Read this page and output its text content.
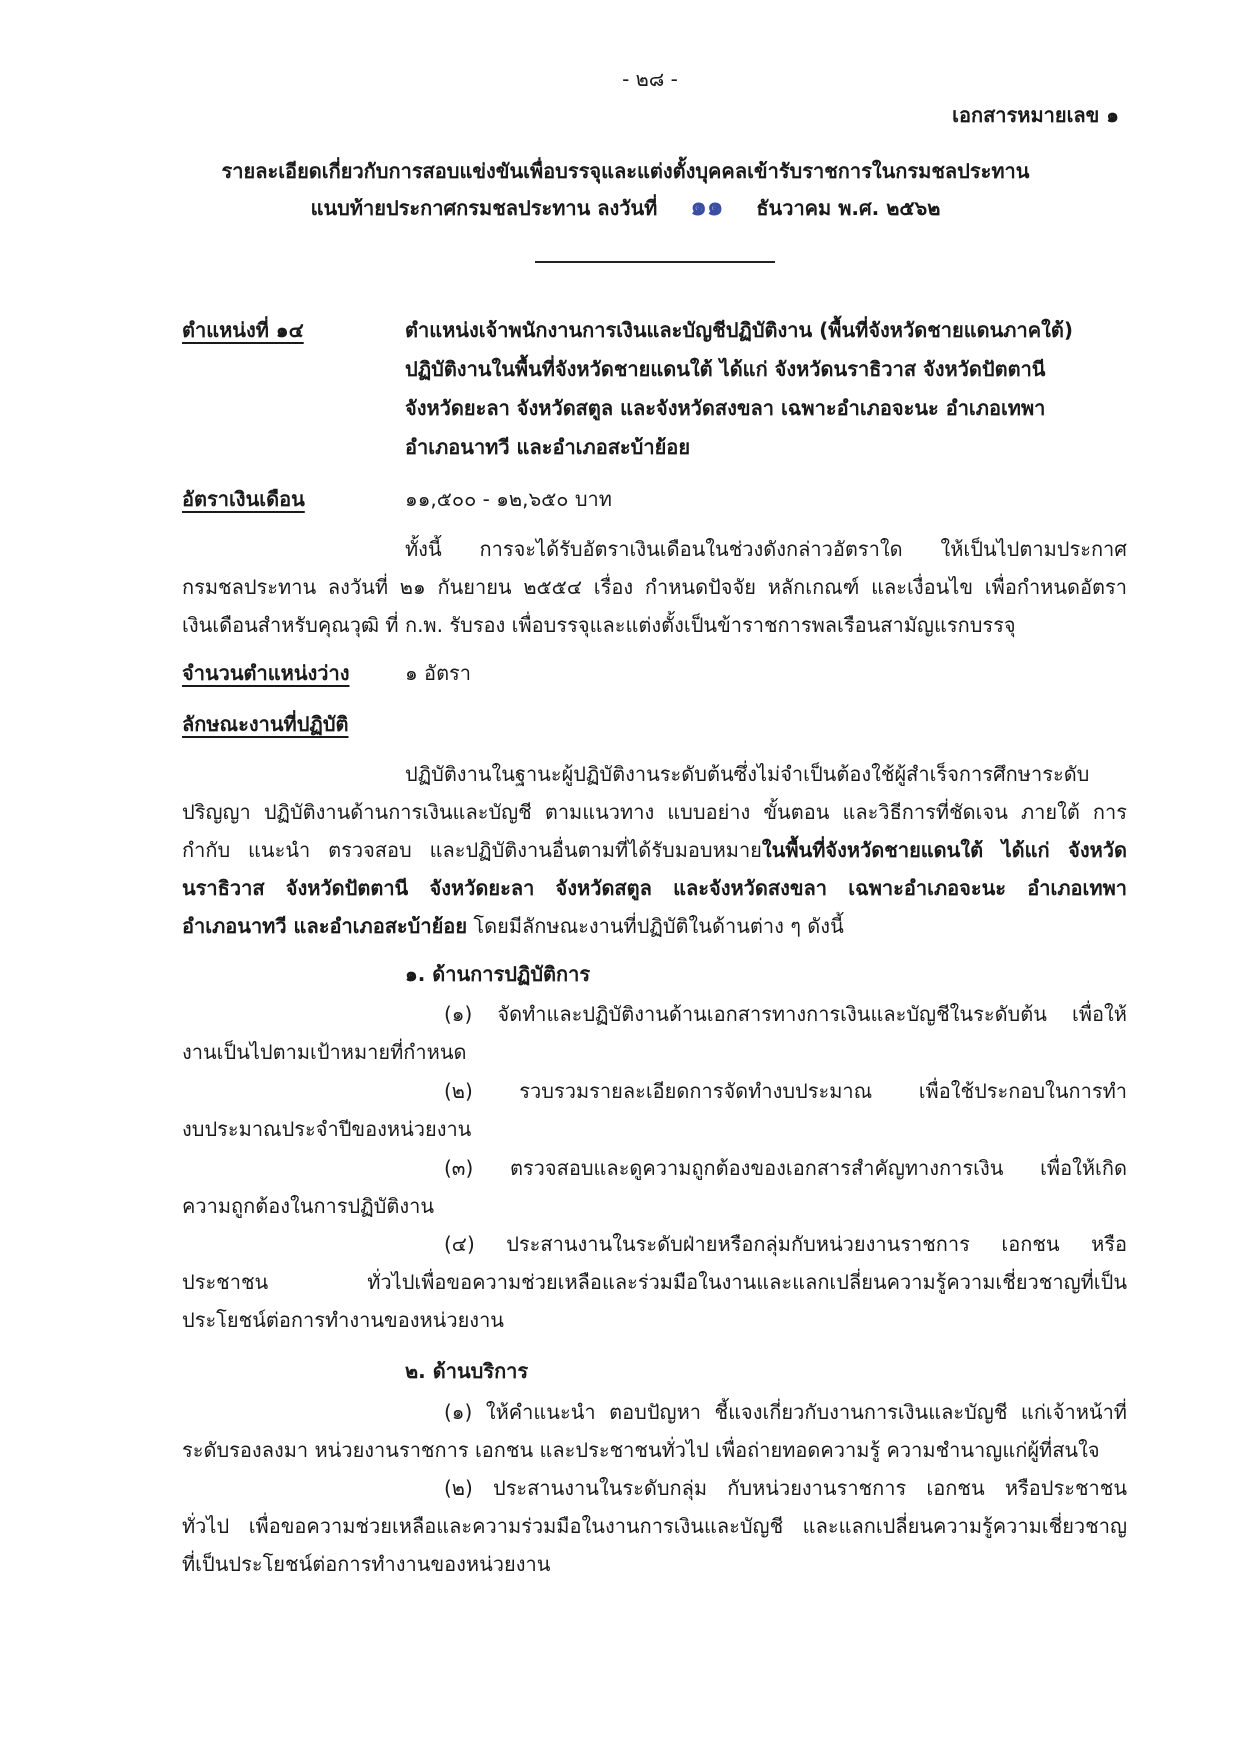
- ๒๘ -
เอกสารหมายเลข ๑
รายละเอียดเกี่ยวกับการสอบแข่งขันเพื่อบรรจุและแต่งตั้งบุคคลเข้ารับราชการในกรมชลประทาน
แนบท้ายประกาศกรมชลประทาน ลงวันที่ ๑๑ ธันวาคม พ.ศ. ๒๕๖๒
ตำแหน่งที่ ๑๔	ตำแหน่งเจ้าพนักงานการเงินและบัญชีปฏิบัติงาน (พื้นที่จังหวัดชายแดนภาคใต้)
ปฏิบัติงานในพื้นที่จังหวัดชายแดนใต้ ได้แก่ จังหวัดนราธิวาส จังหวัดปัตตานี
จังหวัดยะลา จังหวัดสตูล และจังหวัดสงขลา เฉพาะอำเภอจะนะ อำเภอเทพา
อำเภอนาทวี และอำเภอสะบ้าย้อย
อัตราเงินเดือน	๑๑,๕๐๐ - ๑๒,๖๕๐ บาท
ทั้งนี้ การจะได้รับอัตราเงินเดือนในช่วงดังกล่าวอัตราใด ให้เป็นไปตามประกาศ
กรมชลประทาน ลงวันที่ ๒๑ กันยายน ๒๕๕๔ เรื่อง กำหนดปัจจัย หลักเกณฑ์ และเงื่อนไข เพื่อกำหนดอัตรา
เงินเดือนสำหรับคุณวุฒิ ที่ ก.พ. รับรอง เพื่อบรรจุและแต่งตั้งเป็นข้าราชการพลเรือนสามัญแรกบรรจุ
จำนวนตำแหน่งว่าง	๑ อัตรา
ลักษณะงานที่ปฏิบัติ
ปฏิบัติงานในฐานะผู้ปฏิบัติงานระดับต้นซึ่งไม่จำเป็นต้องใช้ผู้สำเร็จการศึกษาระดับ
ปริญญา ปฏิบัติงานด้านการเงินและบัญชี ตามแนวทาง แบบอย่าง ขั้นตอน และวิธีการที่ชัดเจน ภายใต้ การ
กำกับ แนะนำ ตรวจสอบ และปฏิบัติงานอื่นตามที่ได้รับมอบหมายในพื้นที่จังหวัดชายแดนใต้ ได้แก่ จังหวัด
นราธิวาส จังหวัดปัตตานี จังหวัดยะลา จังหวัดสตูล และจังหวัดสงขลา เฉพาะอำเภอจะนะ อำเภอเทพา
อำเภอนาทวี และอำเภอสะบ้าย้อย โดยมีลักษณะงานที่ปฏิบัติในด้านต่าง ๆ ดังนี้
๑. ด้านการปฏิบัติการ
(๑) จัดทำและปฏิบัติงานด้านเอกสารทางการเงินและบัญชีในระดับต้น เพื่อให้
งานเป็นไปตามเป้าหมายที่กำหนด
(๒) รวบรวมรายละเอียดการจัดทำงบประมาณ เพื่อใช้ประกอบในการทำ
งบประมาณประจำปีของหน่วยงาน
(๓) ตรวจสอบและดูความถูกต้องของเอกสารสำคัญทางการเงิน เพื่อให้เกิด
ความถูกต้องในการปฏิบัติงาน
(๔) ประสานงานในระดับฝ่ายหรือกลุ่มกับหน่วยงานราชการ เอกชน หรือ
ประชาชน ทั่วไปเพื่อขอความช่วยเหลือและร่วมมือในงานและแลกเปลี่ยนความรู้ความเชี่ยวชาญที่เป็น
ประโยชน์ต่อการทำงานของหน่วยงาน
๒. ด้านบริการ
(๑) ให้คำแนะนำ ตอบปัญหา ชี้แจงเกี่ยวกับงานการเงินและบัญชี แก่เจ้าหน้าที่
ระดับรองลงมา หน่วยงานราชการ เอกชน และประชาชนทั่วไป เพื่อถ่ายทอดความรู้ ความชำนาญแก่ผู้ที่สนใจ
(๒) ประสานงานในระดับกลุ่ม กับหน่วยงานราชการ เอกชน หรือประชาชน
ทั่วไป เพื่อขอความช่วยเหลือและความร่วมมือในงานการเงินและบัญชี และแลกเปลี่ยนความรู้ความเชี่ยวชาญ
ที่เป็นประโยชน์ต่อการทำงานของหน่วยงาน
